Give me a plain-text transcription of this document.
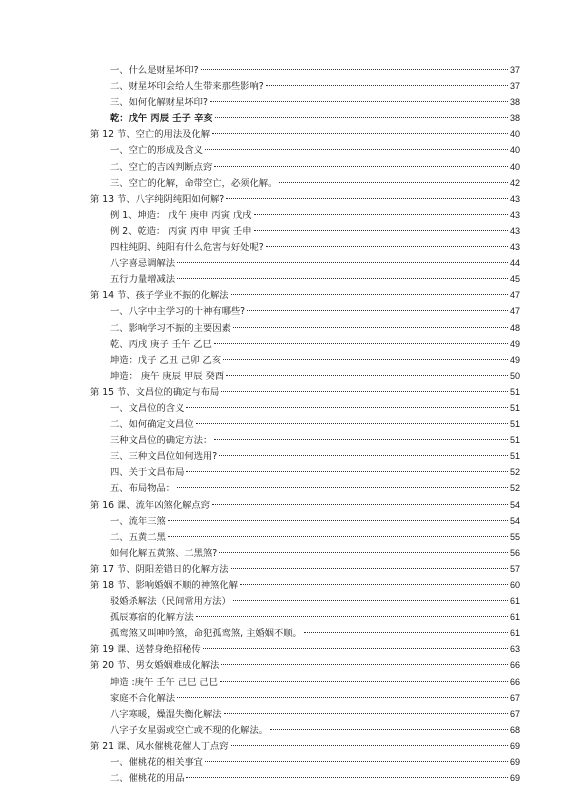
一、什么是财星坏印?	37
二、财星坏印会给人生带来那些影响?	37
三、如何化解财星坏印?	38
乾：戊午 丙辰 壬子 辛亥	38
第 12 节、空亡的用法及化解	40
一、空亡的形成及含义	40
二、空亡的吉凶判断点窍	40
三、空亡的化解，命带空亡，必须化解。	42
第 13 节、八字纯阴纯阳如何解?	43
例 1、坤造： 戊午 庚申 丙寅 戊戌	43
例 2、乾造： 丙寅 丙申 甲寅 壬申	43
四柱纯阴、纯阳有什么危害与好处呢?	43
八字喜忌调解法	44
五行力量增减法	45
第 14 节、孩子学业不振的化解法	47
一、八字中主学习的十神有哪些?	47
二、影响学习不振的主要因素	48
乾、丙戌 庚子 壬午 乙巳	49
坤造：戊子 乙丑 己卯 乙亥	49
坤造： 庚午 庚辰 甲辰 癸酉	50
第 15 节、文昌位的确定与布局	51
一、文昌位的含义	51
二、如何确定文昌位	51
三种文昌位的确定方法：	51
三、三种文昌位如何选用?	51
四、关于文昌布局	52
五、布局物品：	52
第 16 课、流年凶煞化解点窍	54
一、流年三煞	54
二、五黄二黑	55
如何化解五黄煞、二黑煞?	56
第 17 节、阴阳差错日的化解方法	57
第 18 节、影响婚姻不顺的神煞化解	60
驳婚杀解法（民间常用方法）	61
孤辰寡宿的化解方法	61
孤鸾煞又叫呻吟煞，命犯孤鸾煞, 主婚姻不顺。	61
第 19 课、送替身绝招秘传	63
第 20 节、男女婚姻难成化解法	66
坤造 :庚午 壬午 己巳 己巳	66
家庭不合化解法	67
八字寒暖，燥湿失衡化解法	67
八字子女星弱或空亡或不现的化解法。	68
第 21 课、风水催桃花催人丁点窍	69
一、催桃花的相关事宜	69
二、催桃花的用品	69
